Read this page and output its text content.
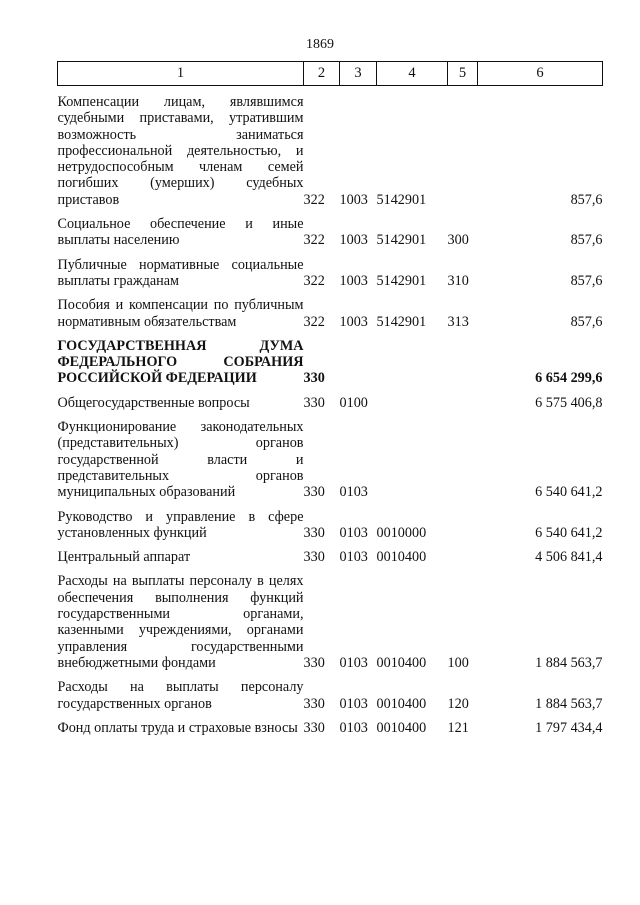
1869
1	2	3	4	5	6

Компенсации лицам, являвшимся судебными приставами, утратившим возможность заниматься профессиональной деятельностью, и нетрудоспособным членам семей погибших (умерших) судебных приставов	322	1003	5142901		857,6

Социальное обеспечение и иные выплаты населению	322	1003	5142901	300	857,6

Публичные нормативные социальные выплаты гражданам	322	1003	5142901	310	857,6

Пособия и компенсации по публичным нормативным обязательствам	322	1003	5142901	313	857,6

ГОСУДАРСТВЕННАЯ ДУМА ФЕДЕРАЛЬНОГО СОБРАНИЯ РОССИЙСКОЙ ФЕДЕРАЦИИ	330				6 654 299,6

Общегосударственные вопросы	330	0100			6 575 406,8

Функционирование законодательных (представительных) органов государственной власти и представительных органов муниципальных образований	330	0103			6 540 641,2

Руководство и управление в сфере установленных функций	330	0103	0010000		6 540 641,2

Центральный аппарат	330	0103	0010400		4 506 841,4

Расходы на выплаты персоналу в целях обеспечения выполнения функций государственными органами, казенными учреждениями, органами управления государственными внебюджетными фондами	330	0103	0010400	100	1 884 563,7

Расходы на выплаты персоналу государственных органов	330	0103	0010400	120	1 884 563,7

Фонд оплаты труда и страховые взносы	330	0103	0010400	121	1 797 434,4
